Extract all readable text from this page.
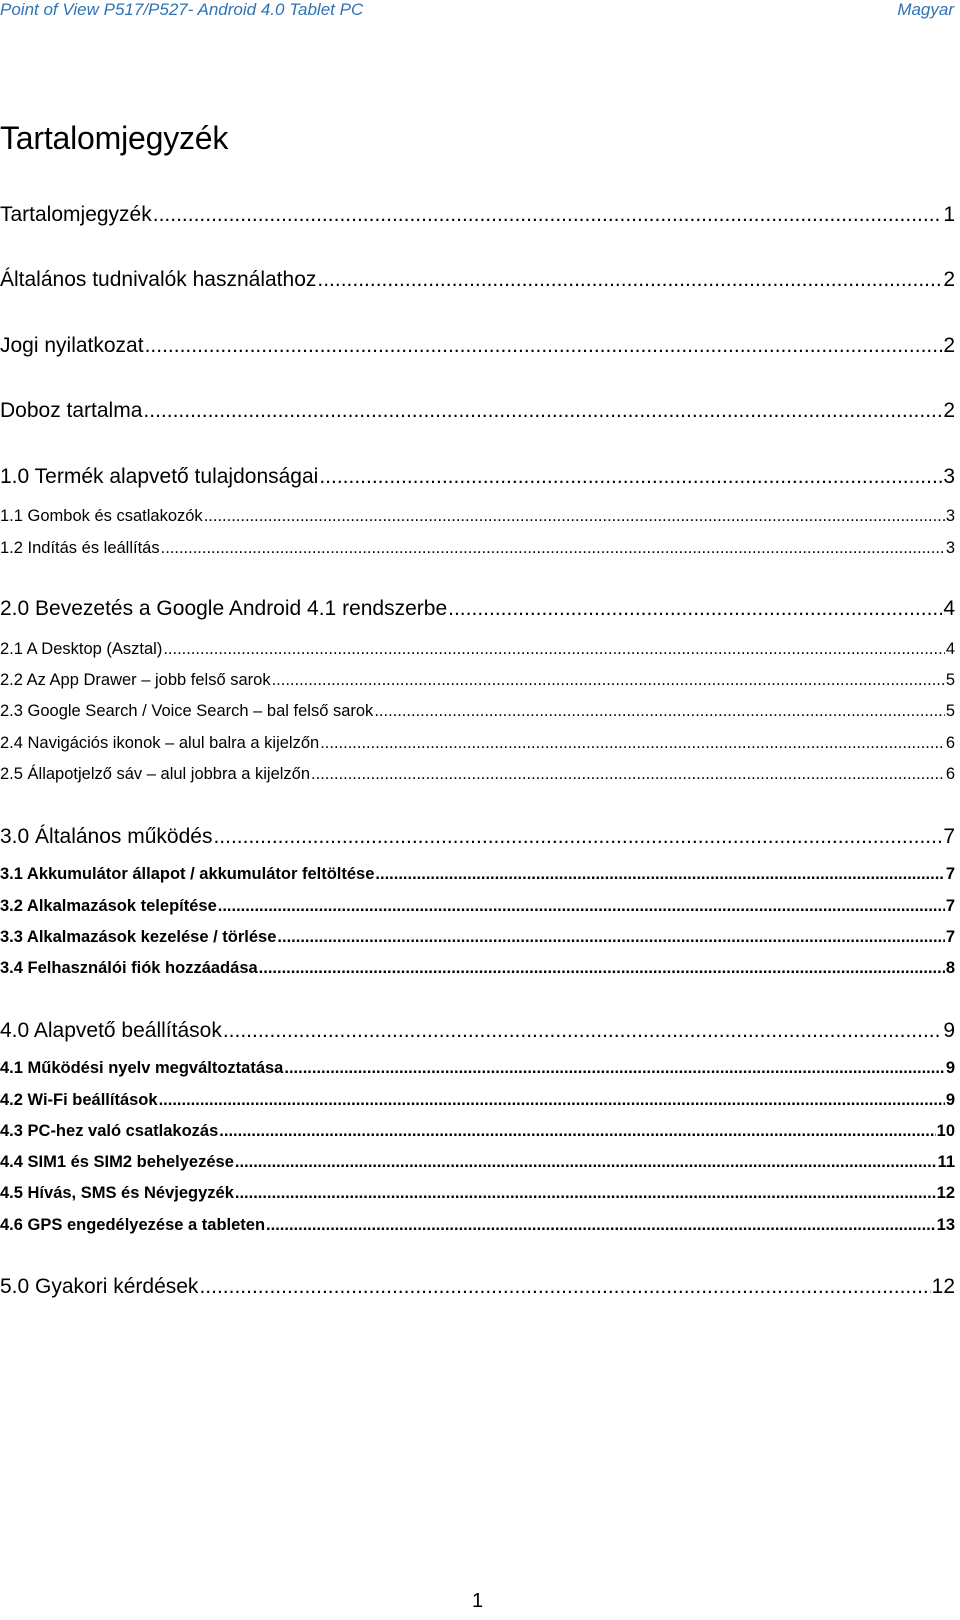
Point of View P517/P527- Android 4.0 Tablet PC	Magyar
Tartalomjegyzék
Tartalomjegyzék .....	1
Általános tudnivalók használathoz .....	2
Jogi nyilatkozat .....	2
Doboz tartalma .....	2
1.0 Termék alapvető tulajdonságai .....	3
1.1 Gombok és csatlakozók .....	3
1.2 Indítás és leállítás .....	3
2.0 Bevezetés a Google Android 4.1 rendszerbe .....	4
2.1 A Desktop (Asztal) .....	4
2.2 Az App Drawer – jobb felső sarok .....	5
2.3 Google Search / Voice Search – bal felső sarok .....	5
2.4 Navigációs ikonok – alul balra a kijelzőn .....	6
2.5 Állapotjelző sáv – alul jobbra a kijelzőn .....	6
3.0 Általános működés .....	7
3.1 Akkumulátor állapot / akkumulátor feltöltése .....	7
3.2 Alkalmazások telepítése .....	7
3.3 Alkalmazások kezelése / törlése .....	7
3.4 Felhasználói fiók hozzáadása .....	8
4.0 Alapvető beállítások .....	9
4.1 Működési nyelv megváltoztatása .....	9
4.2 Wi-Fi beállítások .....	9
4.3 PC-hez való csatlakozás .....	10
4.4 SIM1 és SIM2 behelyezése .....	11
4.5 Hívás, SMS és Névjegyzék .....	12
4.6 GPS engedélyezése a tableten .....	13
5.0 Gyakori kérdések .....	12
1
